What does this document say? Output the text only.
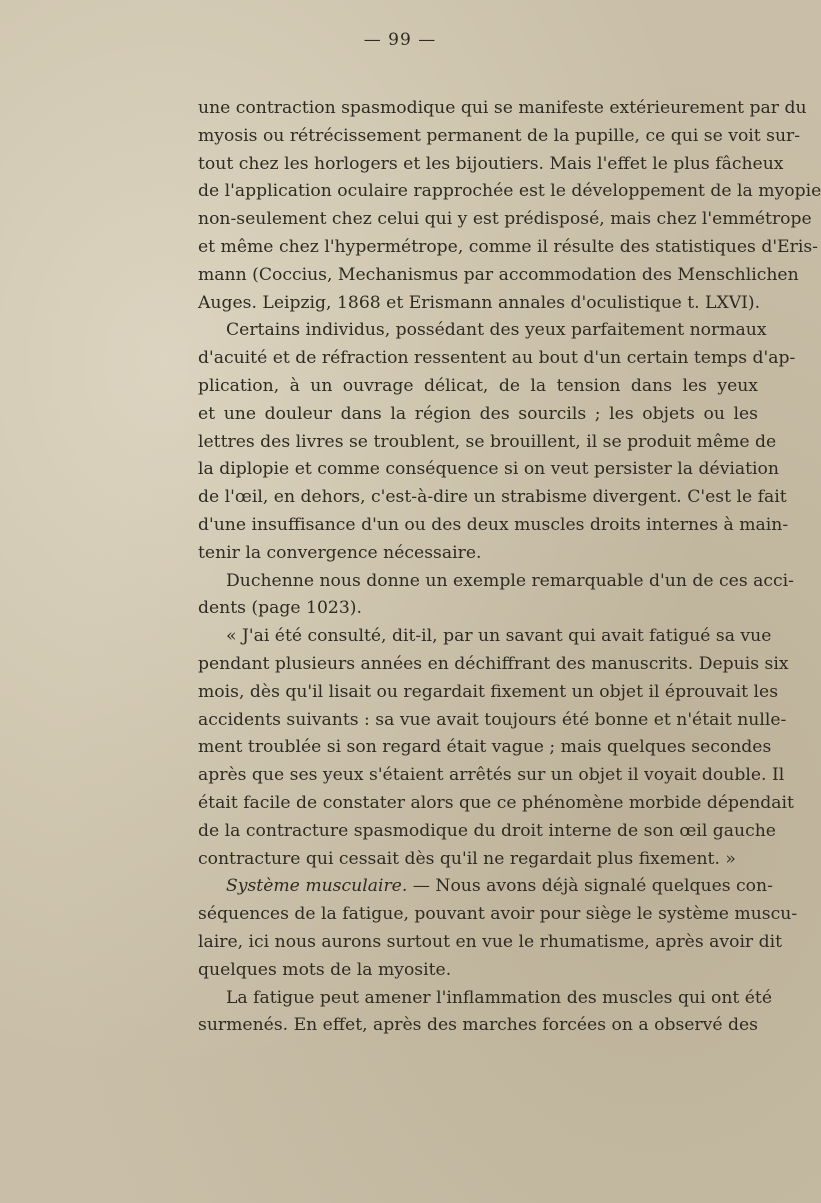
— 99 —

une contraction spasmodique qui se manifeste extérieurement par du
myosis ou rétrécissement permanent de la pupille, ce qui se voit sur-
tout chez les horlogers et les bijoutiers. Mais l'effet le plus fâcheux
de l'application oculaire rapprochée est le développement de la myopie
non-seulement chez celui qui y est prédisposé, mais chez l'emmétrope
et même chez l'hypermétrope, comme il résulte des statistiques d'Eris-
mann (Coccius, Mechanismus par accommodation des Menschlichen
Auges. Leipzig, 1868 et Erismann annales d'oculistique t. LXVI).

Certains individus, possédant des yeux parfaitement normaux
d'acuité et de réfraction ressentent au bout d'un certain temps d'ap-
plication, à un ouvrage délicat, de la tension dans les yeux
et une douleur dans la région des sourcils ; les objets ou les
lettres des livres se troublent, se brouillent, il se produit même de
la diplopie et comme conséquence si on veut persister la déviation
de l'œil, en dehors, c'est-à-dire un strabisme divergent. C'est le fait
d'une insuffisance d'un ou des deux muscles droits internes à main-
tenir la convergence nécessaire.

Duchenne nous donne un exemple remarquable d'un de ces acci-
dents (page 1023).

« J'ai été consulté, dit-il, par un savant qui avait fatigué sa vue
pendant plusieurs années en déchiffrant des manuscrits. Depuis six
mois, dès qu'il lisait ou regardait fixement un objet il éprouvait les
accidents suivants : sa vue avait toujours été bonne et n'était nulle-
ment troublée si son regard était vague ; mais quelques secondes
après que ses yeux s'étaient arrêtés sur un objet il voyait double. Il
était facile de constater alors que ce phénomène morbide dépendait
de la contracture spasmodique du droit interne de son œil gauche
contracture qui cessait dès qu'il ne regardait plus fixement. »

Système musculaire. — Nous avons déjà signalé quelques con-
séquences de la fatigue, pouvant avoir pour siège le système muscu-
laire, ici nous aurons surtout en vue le rhumatisme, après avoir dit
quelques mots de la myosite.

La fatigue peut amener l'inflammation des muscles qui ont été
surmenés. En effet, après des marches forcées on a observé des
